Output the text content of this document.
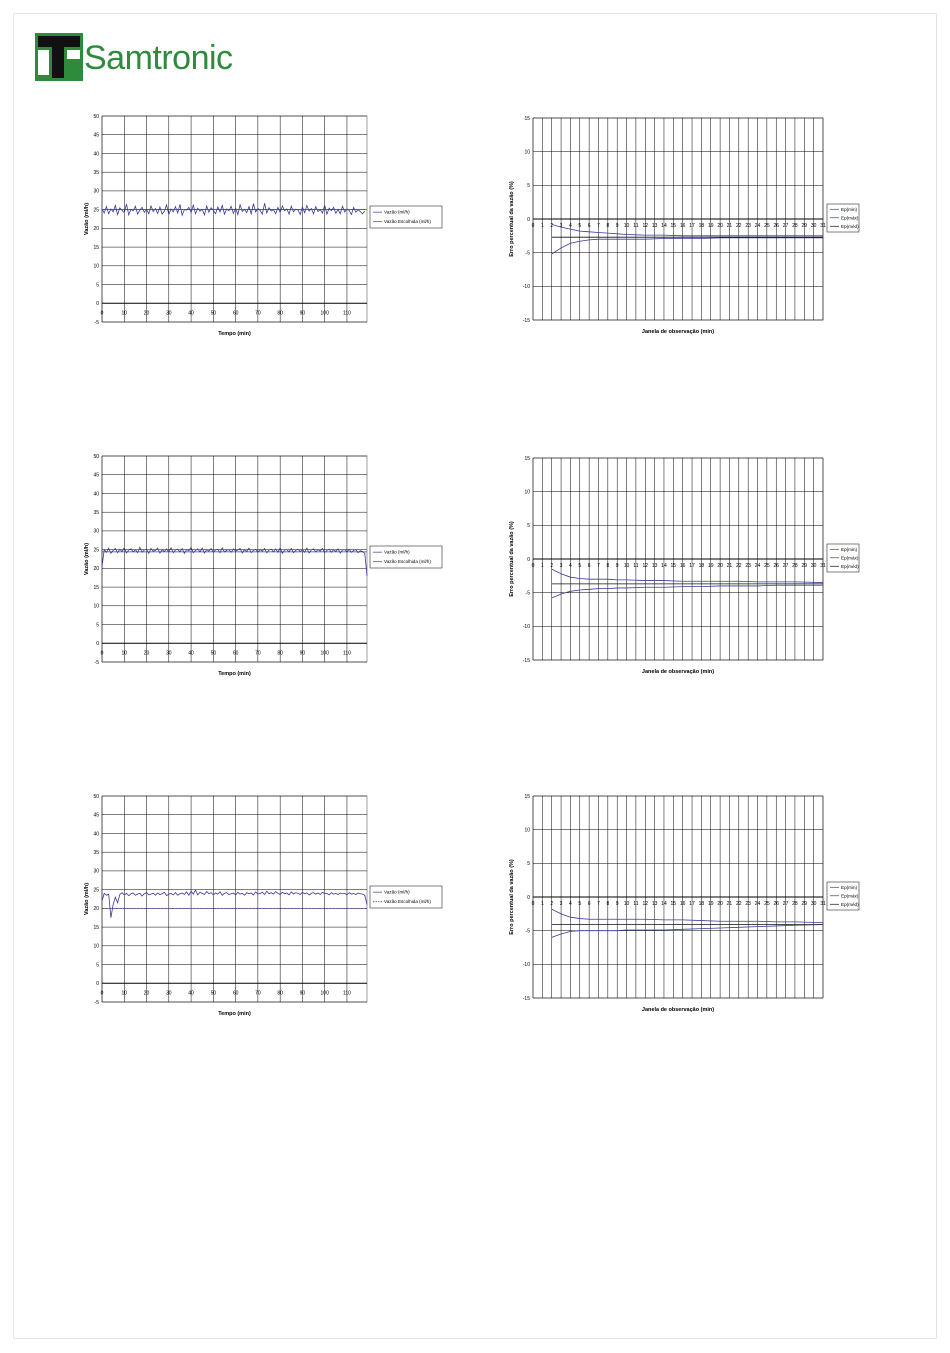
Samtronic
-5
0
5
10
15
20
25
30
35
40
45
50
0	10	20	30	40	50	60	70	80	90	100	110
Tempo (min)
Vazão (ml/h)	Vazão (ml/h)
Vazão Escolhida (ml/h)
-15
-10
-5
0
5
10
15
0 1 2 3 4 5 6 7 8 9 10 11 12 13 14 15 16 17 18 19 20 21 22 23 24 25 26 27 28 29 30 31
Janela de observação (min)
Erro percentual da vazão (%)	Ep(min)
Ep(máx)
Ep(méd)
-5
0
5
10
15
20
25
30
35
40
45
50
0	10	20	30	40	50	60	70	80	90	100	110
Tempo (min)
Vazão (ml/h)	Vazão (ml/h)
Vazão Escolhida (ml/h)
-15
-10
-5
0
5
10
15
0 1 2 3 4 5 6 7 8 9 10 11 12 13 14 15 16 17 18 19 20 21 22 23 24 25 26 27 28 29 30 31
Janela de observação (min)
Erro percentual da vazão (%)	Ep(min)
Ep(máx)
Ep(méd)
-5
0
5
10
15
20
25
30
35
40
45
50
0	10	20	30	40	50	60	70	80	90	100	110
Tempo (min)
Vazão (ml/h)	Vazão (ml/h)
Vazão Escolhida (ml/h)
-15
-10
-5
0
5
10
15
0 1 2 3 4 5 6 7 8 9 10 11 12 13 14 15 16 17 18 19 20 21 22 23 24 25 26 27 28 29 30 31
Janela de observação (min)
Erro percentual da vazão (%)	Ep(min)
Ep(máx)
Ep(méd)
